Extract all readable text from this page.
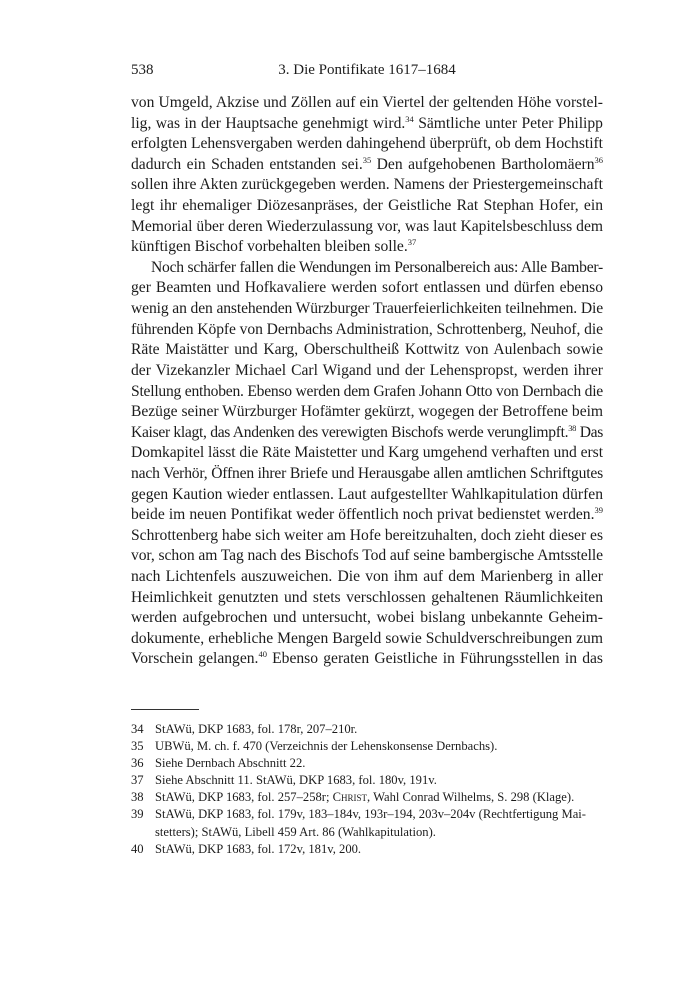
538	3. Die Pontifikate 1617–1684
von Umgeld, Akzise und Zöllen auf ein Viertel der geltenden Höhe vorstel-
lig, was in der Hauptsache genehmigt wird.$^{34}$ Sämtliche unter Peter Philipp
erfolgten Lehensvergaben werden dahingehend überprüft, ob dem Hochstift
dadurch ein Schaden entstanden sei.$^{35}$ Den aufgehobenen Bartholomäern$^{36}$
sollen ihre Akten zurückgegeben werden. Namens der Priestergemeinschaft
legt ihr ehemaliger Diözesanpräses, der Geistliche Rat Stephan Hofer, ein
Memorial über deren Wiederzulassung vor, was laut Kapitelsbeschluss dem
künftigen Bischof vorbehalten bleiben solle.$^{37}$
Noch schärfer fallen die Wendungen im Personalbereich aus: Alle Bamber-
ger Beamten und Hofkavaliere werden sofort entlassen und dürfen ebenso
wenig an den anstehenden Würzburger Trauerfeierlichkeiten teilnehmen. Die
führenden Köpfe von Dernbachs Administration, Schrottenberg, Neuhof, die
Räte Maistätter und Karg, Oberschultheiß Kottwitz von Aulenbach sowie
der Vizekanzler Michael Carl Wigand und der Lehenspropst, werden ihrer
Stellung enthoben. Ebenso werden dem Grafen Johann Otto von Dernbach die
Bezüge seiner Würzburger Hofämter gekürzt, wogegen der Betroffene beim
Kaiser klagt, das Andenken des verewigten Bischofs werde verunglimpft.$^{38}$ Das
Domkapitel lässt die Räte Maistetter und Karg umgehend verhaften und erst
nach Verhör, Öffnen ihrer Briefe und Herausgabe allen amtlichen Schriftgutes
gegen Kaution wieder entlassen. Laut aufgestellter Wahlkapitulation dürfen
beide im neuen Pontifikat weder öffentlich noch privat bedienstet werden.$^{39}$
Schrottenberg habe sich weiter am Hofe bereitzuhalten, doch zieht dieser es
vor, schon am Tag nach des Bischofs Tod auf seine bambergische Amtsstelle
nach Lichtenfels auszuweichen. Die von ihm auf dem Marienberg in aller
Heimlichkeit genutzten und stets verschlossen gehaltenen Räumlichkeiten
werden aufgebrochen und untersucht, wobei bislang unbekannte Geheim-
dokumente, erhebliche Mengen Bargeld sowie Schuldverschreibungen zum
Vorschein gelangen.$^{40}$ Ebenso geraten Geistliche in Führungsstellen in das
34 StAWü, DKP 1683, fol. 178r, 207–210r.
35 UBWü, M. ch. f. 470 (Verzeichnis der Lehenskonsense Dernbachs).
36 Siehe Dernbach Abschnitt 22.
37 Siehe Abschnitt 11. StAWü, DKP 1683, fol. 180v, 191v.
38 StAWü, DKP 1683, fol. 257–258r; Christ, Wahl Conrad Wilhelms, S. 298 (Klage).
39 StAWü, DKP 1683, fol. 179v, 183–184v, 193r–194, 203v–204v (Rechtfertigung Mai-
stetters); StAWü, Libell 459 Art. 86 (Wahlkapitulation).
40 StAWü, DKP 1683, fol. 172v, 181v, 200.
